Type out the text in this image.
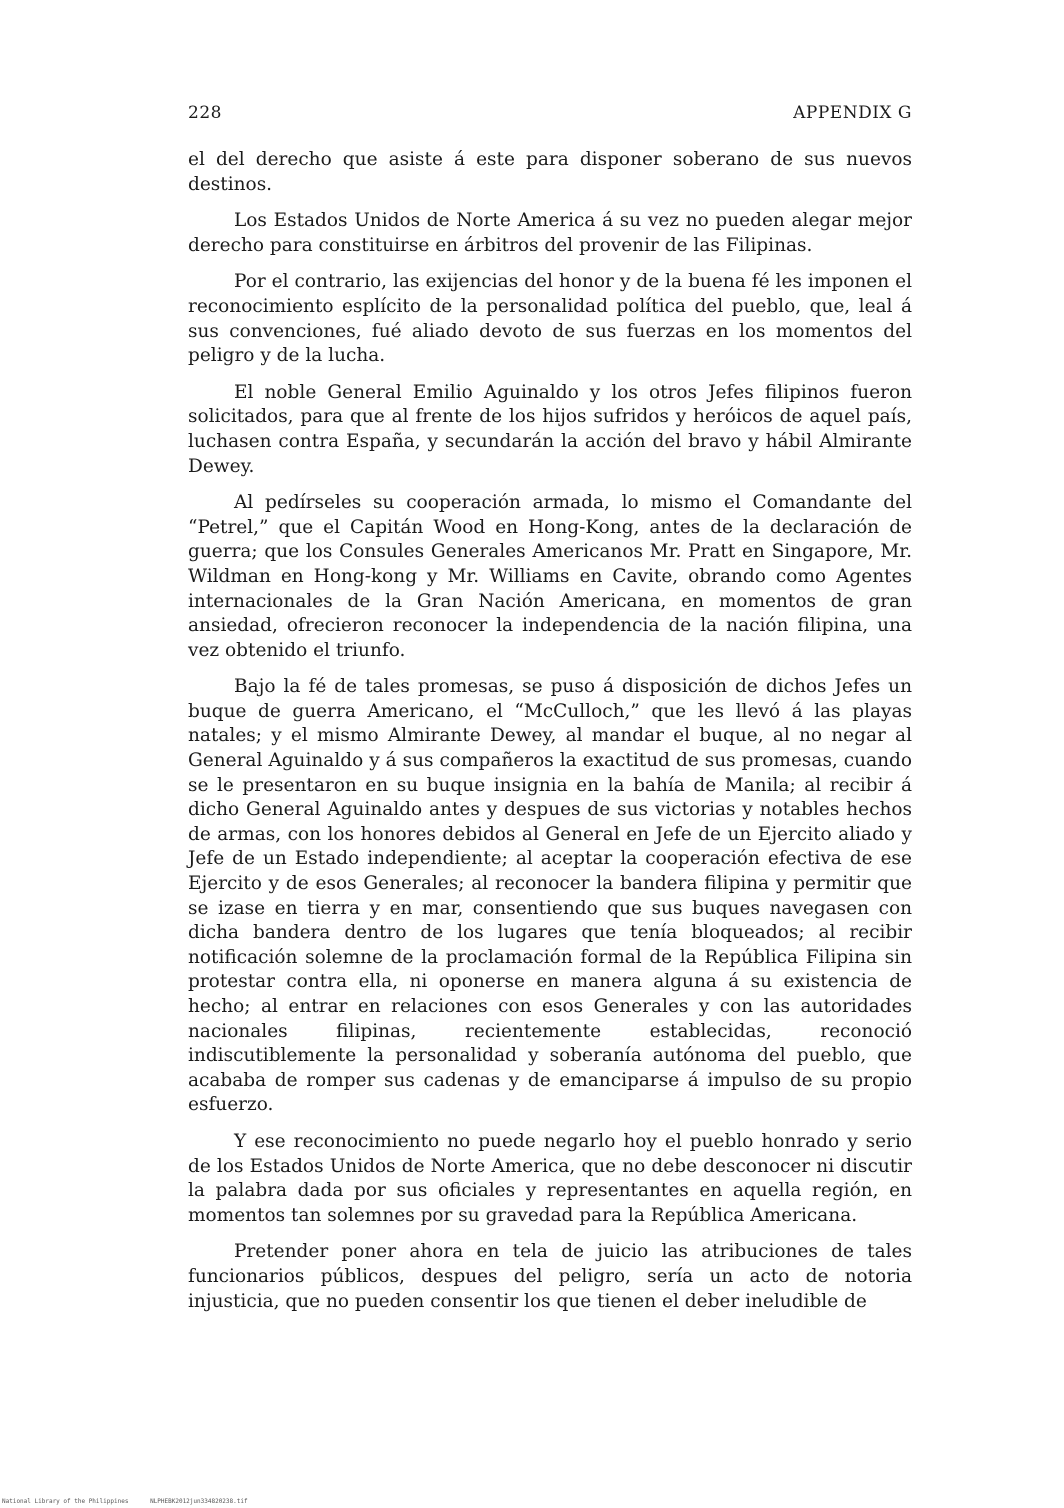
228	APPENDIX G

el del derecho que asiste á este para disponer soberano de sus nuevos destinos.

Los Estados Unidos de Norte America á su vez no pueden alegar mejor derecho para constituirse en árbitros del provenir de las Filipinas.

Por el contrario, las exijencias del honor y de la buena fé les imponen el reconocimiento esplícito de la personalidad política del pueblo, que, leal á sus convenciones, fué aliado devoto de sus fuerzas en los momentos del peligro y de la lucha.

El noble General Emilio Aguinaldo y los otros Jefes filipinos fueron solicitados, para que al frente de los hijos sufridos y heróicos de aquel país, luchasen contra España, y secundarán la acción del bravo y hábil Almirante Dewey.

Al pedírseles su cooperación armada, lo mismo el Comandante del “Petrel,” que el Capitán Wood en Hong-Kong, antes de la declaración de guerra; que los Consules Generales Americanos Mr. Pratt en Singapore, Mr. Wildman en Hong-kong y Mr. Williams en Cavite, obrando como Agentes internacionales de la Gran Nación Americana, en momentos de gran ansiedad, ofrecieron reconocer la independencia de la nación filipina, una vez obtenido el triunfo.

Bajo la fé de tales promesas, se puso á disposición de dichos Jefes un buque de guerra Americano, el “McCulloch,” que les llevó á las playas natales; y el mismo Almirante Dewey, al mandar el buque, al no negar al General Aguinaldo y á sus compañeros la exactitud de sus promesas, cuando se le presentaron en su buque insignia en la bahía de Manila; al recibir á dicho General Aguinaldo antes y despues de sus victorias y notables hechos de armas, con los honores debidos al General en Jefe de un Ejercito aliado y Jefe de un Estado independiente; al aceptar la cooperación efectiva de ese Ejercito y de esos Generales; al reconocer la bandera filipina y permitir que se izase en tierra y en mar, consentiendo que sus buques navegasen con dicha bandera dentro de los lugares que tenía bloqueados; al recibir notificación solemne de la proclamación formal de la República Filipina sin protestar contra ella, ni oponerse en manera alguna á su existencia de hecho; al entrar en relaciones con esos Generales y con las autoridades nacionales filipinas, recientemente establecidas, reconoció indiscutiblemente la personalidad y soberanía autónoma del pueblo, que acababa de romper sus cadenas y de emanciparse á impulso de su propio esfuerzo.

Y ese reconocimiento no puede negarlo hoy el pueblo honrado y serio de los Estados Unidos de Norte America, que no debe desconocer ni discutir la palabra dada por sus oficiales y representantes en aquella región, en momentos tan solemnes por su gravedad para la República Americana.

Pretender poner ahora en tela de juicio las atribuciones de tales funcionarios públicos, despues del peligro, sería un acto de notoria injusticia, que no pueden consentir los que tienen el deber ineludible de

National Library of the Philippines	NLPHEBK2012jun334820238.tif
